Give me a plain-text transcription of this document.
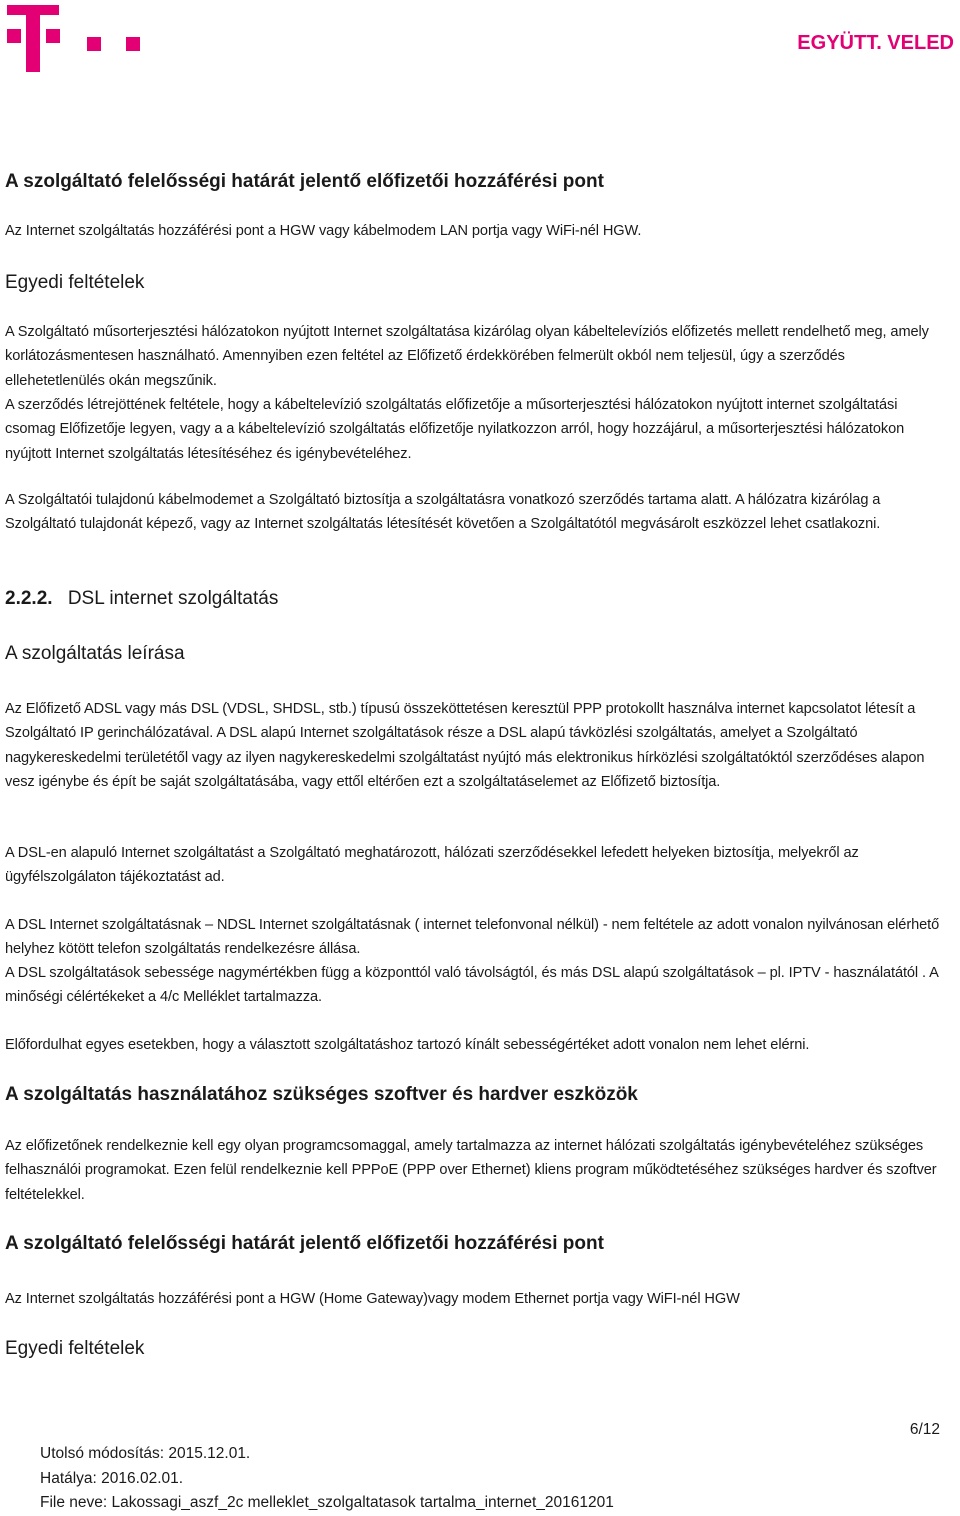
EGYÜTT. VELED
A szolgáltató felelősségi határát jelentő előfizetői hozzáférési pont

Az Internet szolgáltatás hozzáférési pont a HGW vagy kábelmodem LAN portja vagy WiFi-nél HGW.

Egyedi feltételek

A Szolgáltató műsorterjesztési hálózatokon nyújtott Internet szolgáltatása kizárólag olyan kábeltelevíziós előfizetés mellett rendelhető meg, amely korlátozásmentesen használható. Amennyiben ezen feltétel az Előfizető érdekkörében felmerült okból nem teljesül, úgy a szerződés ellehetetlenülés okán megszűnik.

A szerződés létrejöttének feltétele, hogy a kábeltelevízió szolgáltatás előfizetője a műsorterjesztési hálózatokon nyújtott internet szolgáltatási csomag Előfizetője legyen, vagy a a kábeltelevízió szolgáltatás előfizetője nyilatkozzon arról, hogy hozzájárul, a műsorterjesztési hálózatokon nyújtott Internet szolgáltatás létesítéséhez és igénybevételéhez.

A Szolgáltatói tulajdonú kábelmodemet a Szolgáltató biztosítja a szolgáltatásra vonatkozó szerződés tartama alatt. A hálózatra kizárólag a Szolgáltató tulajdonát képező, vagy az Internet szolgáltatás létesítését követően a Szolgáltatótól megvásárolt eszközzel lehet csatlakozni.

2.2.2. DSL internet szolgáltatás
A szolgáltatás leírása

Az Előfizető ADSL vagy más DSL (VDSL, SHDSL, stb.) típusú összeköttetésen keresztül PPP protokollt használva internet kapcsolatot létesít a Szolgáltató IP gerinchálózatával. A DSL alapú Internet szolgáltatások része a DSL alapú távközlési szolgáltatás, amelyet a Szolgáltató nagykereskedelmi területétől vagy az ilyen nagykereskedelmi szolgáltatást nyújtó más elektronikus hírközlési szolgáltatóktól szerződéses alapon vesz igénybe és épít be saját szolgáltatásába, vagy ettől eltérően ezt a szolgáltatáselemet az Előfizető biztosítja.

A DSL-en alapuló Internet szolgáltatást a Szolgáltató meghatározott, hálózati szerződésekkel lefedett helyeken biztosítja, melyekről az ügyfélszolgálaton tájékoztatást ad.

A DSL Internet szolgáltatásnak – NDSL Internet szolgáltatásnak ( internet telefonvonal nélkül) - nem feltétele az adott vonalon nyilvánosan elérhető helyhez kötött telefon szolgáltatás rendelkezésre állása.

A DSL szolgáltatások sebessége nagymértékben függ a központtól való távolságtól, és más DSL alapú szolgáltatások – pl. IPTV - használatától . A minőségi célértékeket a 4/c Melléklet tartalmazza.

Előfordulhat egyes esetekben, hogy a választott szolgáltatáshoz tartozó kínált sebességértéket adott vonalon nem lehet elérni.

A szolgáltatás használatához szükséges szoftver és hardver eszközök

Az előfizetőnek rendelkeznie kell egy olyan programcsomaggal, amely tartalmazza az internet hálózati szolgáltatás igénybevételéhez szükséges felhasználói programokat. Ezen felül rendelkeznie kell PPPoE (PPP over Ethernet) kliens program működtetéséhez szükséges hardver és szoftver feltételekkel.

A szolgáltató felelősségi határát jelentő előfizetői hozzáférési pont

Az Internet szolgáltatás hozzáférési pont a HGW (Home Gateway)vagy modem Ethernet portja vagy WiFI-nél HGW

Egyedi feltételek
6/12
Utolsó módosítás: 2015.12.01.
Hatálya: 2016.02.01.
File neve: Lakossagi_aszf_2c melleklet_szolgaltatasok tartalma_internet_20161201
